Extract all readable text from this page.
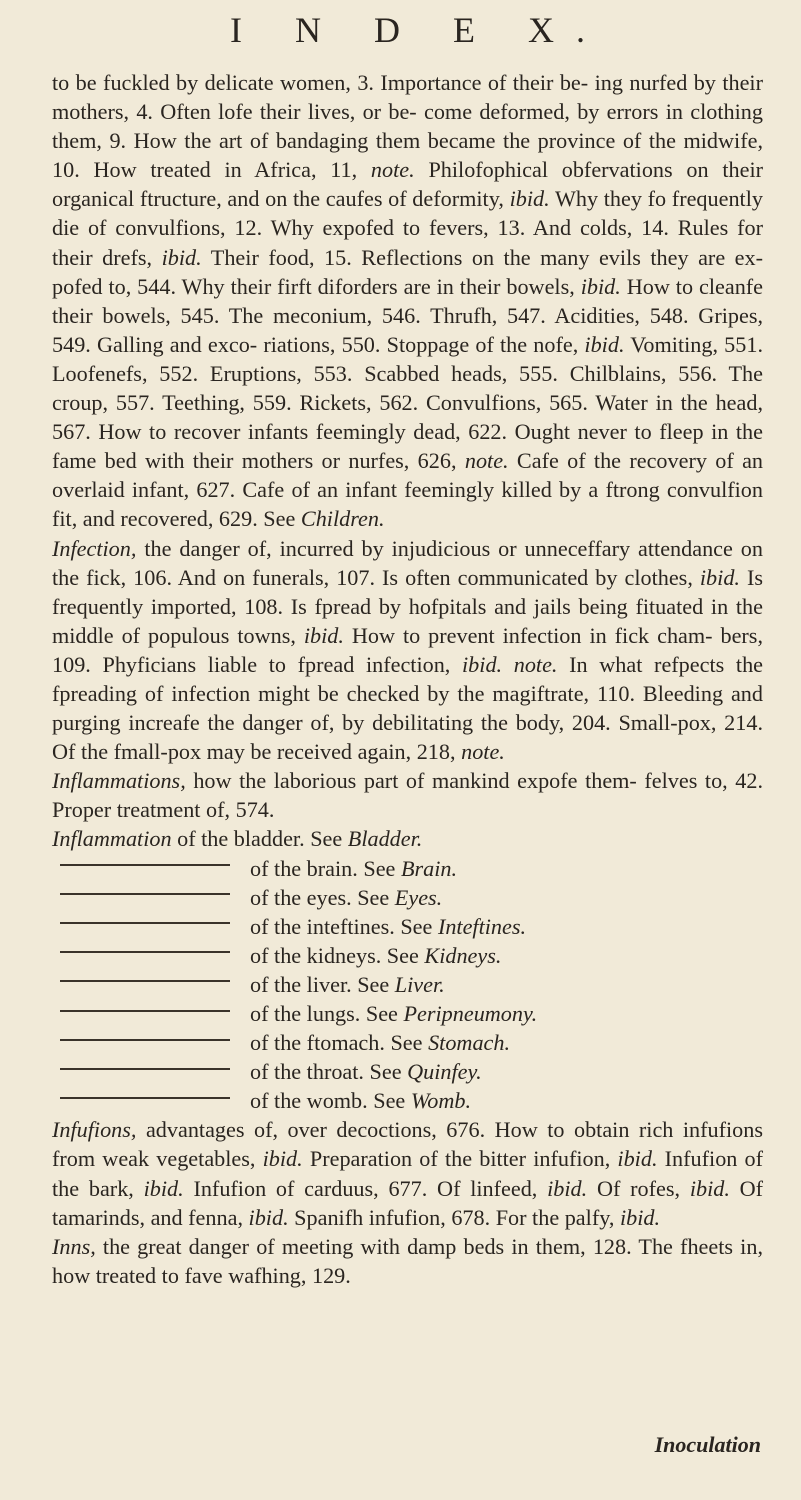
I N D E X.

to be fuckled by delicate women, 3. Importance of their be- ing nurfed by their mothers, 4. Often lofe their lives, or be- come deformed, by errors in clothing them, 9. How the art of bandaging them became the province of the midwife, 10. How treated in Africa, 11, note. Philofophical obfervations on their organical ftructure, and on the caufes of deformity, ibid. Why they fo frequently die of convulfions, 12. Why expofed to fevers, 13. And colds, 14. Rules for their drefs, ibid. Their food, 15. Reflections on the many evils they are ex- pofed to, 544. Why their firft diforders are in their bowels, ibid. How to cleanfe their bowels, 545. The meconium, 546. Thrufh, 547. Acidities, 548. Gripes, 549. Galling and exco- riations, 550. Stoppage of the nofe, ibid. Vomiting, 551. Loofenefs, 552. Eruptions, 553. Scabbed heads, 555. Chilblains, 556. The croup, 557. Teething, 559. Rickets, 562. Convulfions, 565. Water in the head, 567. How to recover infants feemingly dead, 622. Ought never to fleep in the fame bed with their mothers or nurfes, 626, note. Cafe of the recovery of an overlaid infant, 627. Cafe of an infant feemingly killed by a ftrong convulfion fit, and recovered, 629. See Children.

Infection, the danger of, incurred by injudicious or unneceffary attendance on the fick, 106. And on funerals, 107. Is often communicated by clothes, ibid. Is frequently imported, 108. Is fpread by hofpitals and jails being fituated in the middle of populous towns, ibid. How to prevent infection in fick cham- bers, 109. Phyficians liable to fpread infection, ibid. note. In what refpects the fpreading of infection might be checked by the magiftrate, 110. Bleeding and purging increafe the danger of, by debilitating the body, 204. Small-pox, 214. Of the fmall-pox may be received again, 218, note.

Inflammations, how the laborious part of mankind expofe them- felves to, 42. Proper treatment of, 574.

Inflammation of the bladder. See Bladder.

of the brain. See
Brain.
of the eyes. See
Eyes.
of the inteftines. See
Inteftines.
of the kidneys. See
Kidneys.
of the liver. See
Liver.
of the lungs. See
Peripneumony.
of the ftomach. See
Stomach.
of the throat. See
Quinfey.
of the womb. See
Womb.

Infufions, advantages of, over decoctions, 676. How to obtain rich infufions from weak vegetables, ibid. Preparation of the bitter infufion, ibid. Infufion of the bark, ibid. Infufion of carduus, 677. Of linfeed, ibid. Of rofes, ibid. Of tamarinds, and fenna, ibid. Spanifh infufion, 678. For the palfy, ibid.

Inns, the great danger of meeting with damp beds in them, 128. The fheets in, how treated to fave wafhing, 129.

Inoculation
